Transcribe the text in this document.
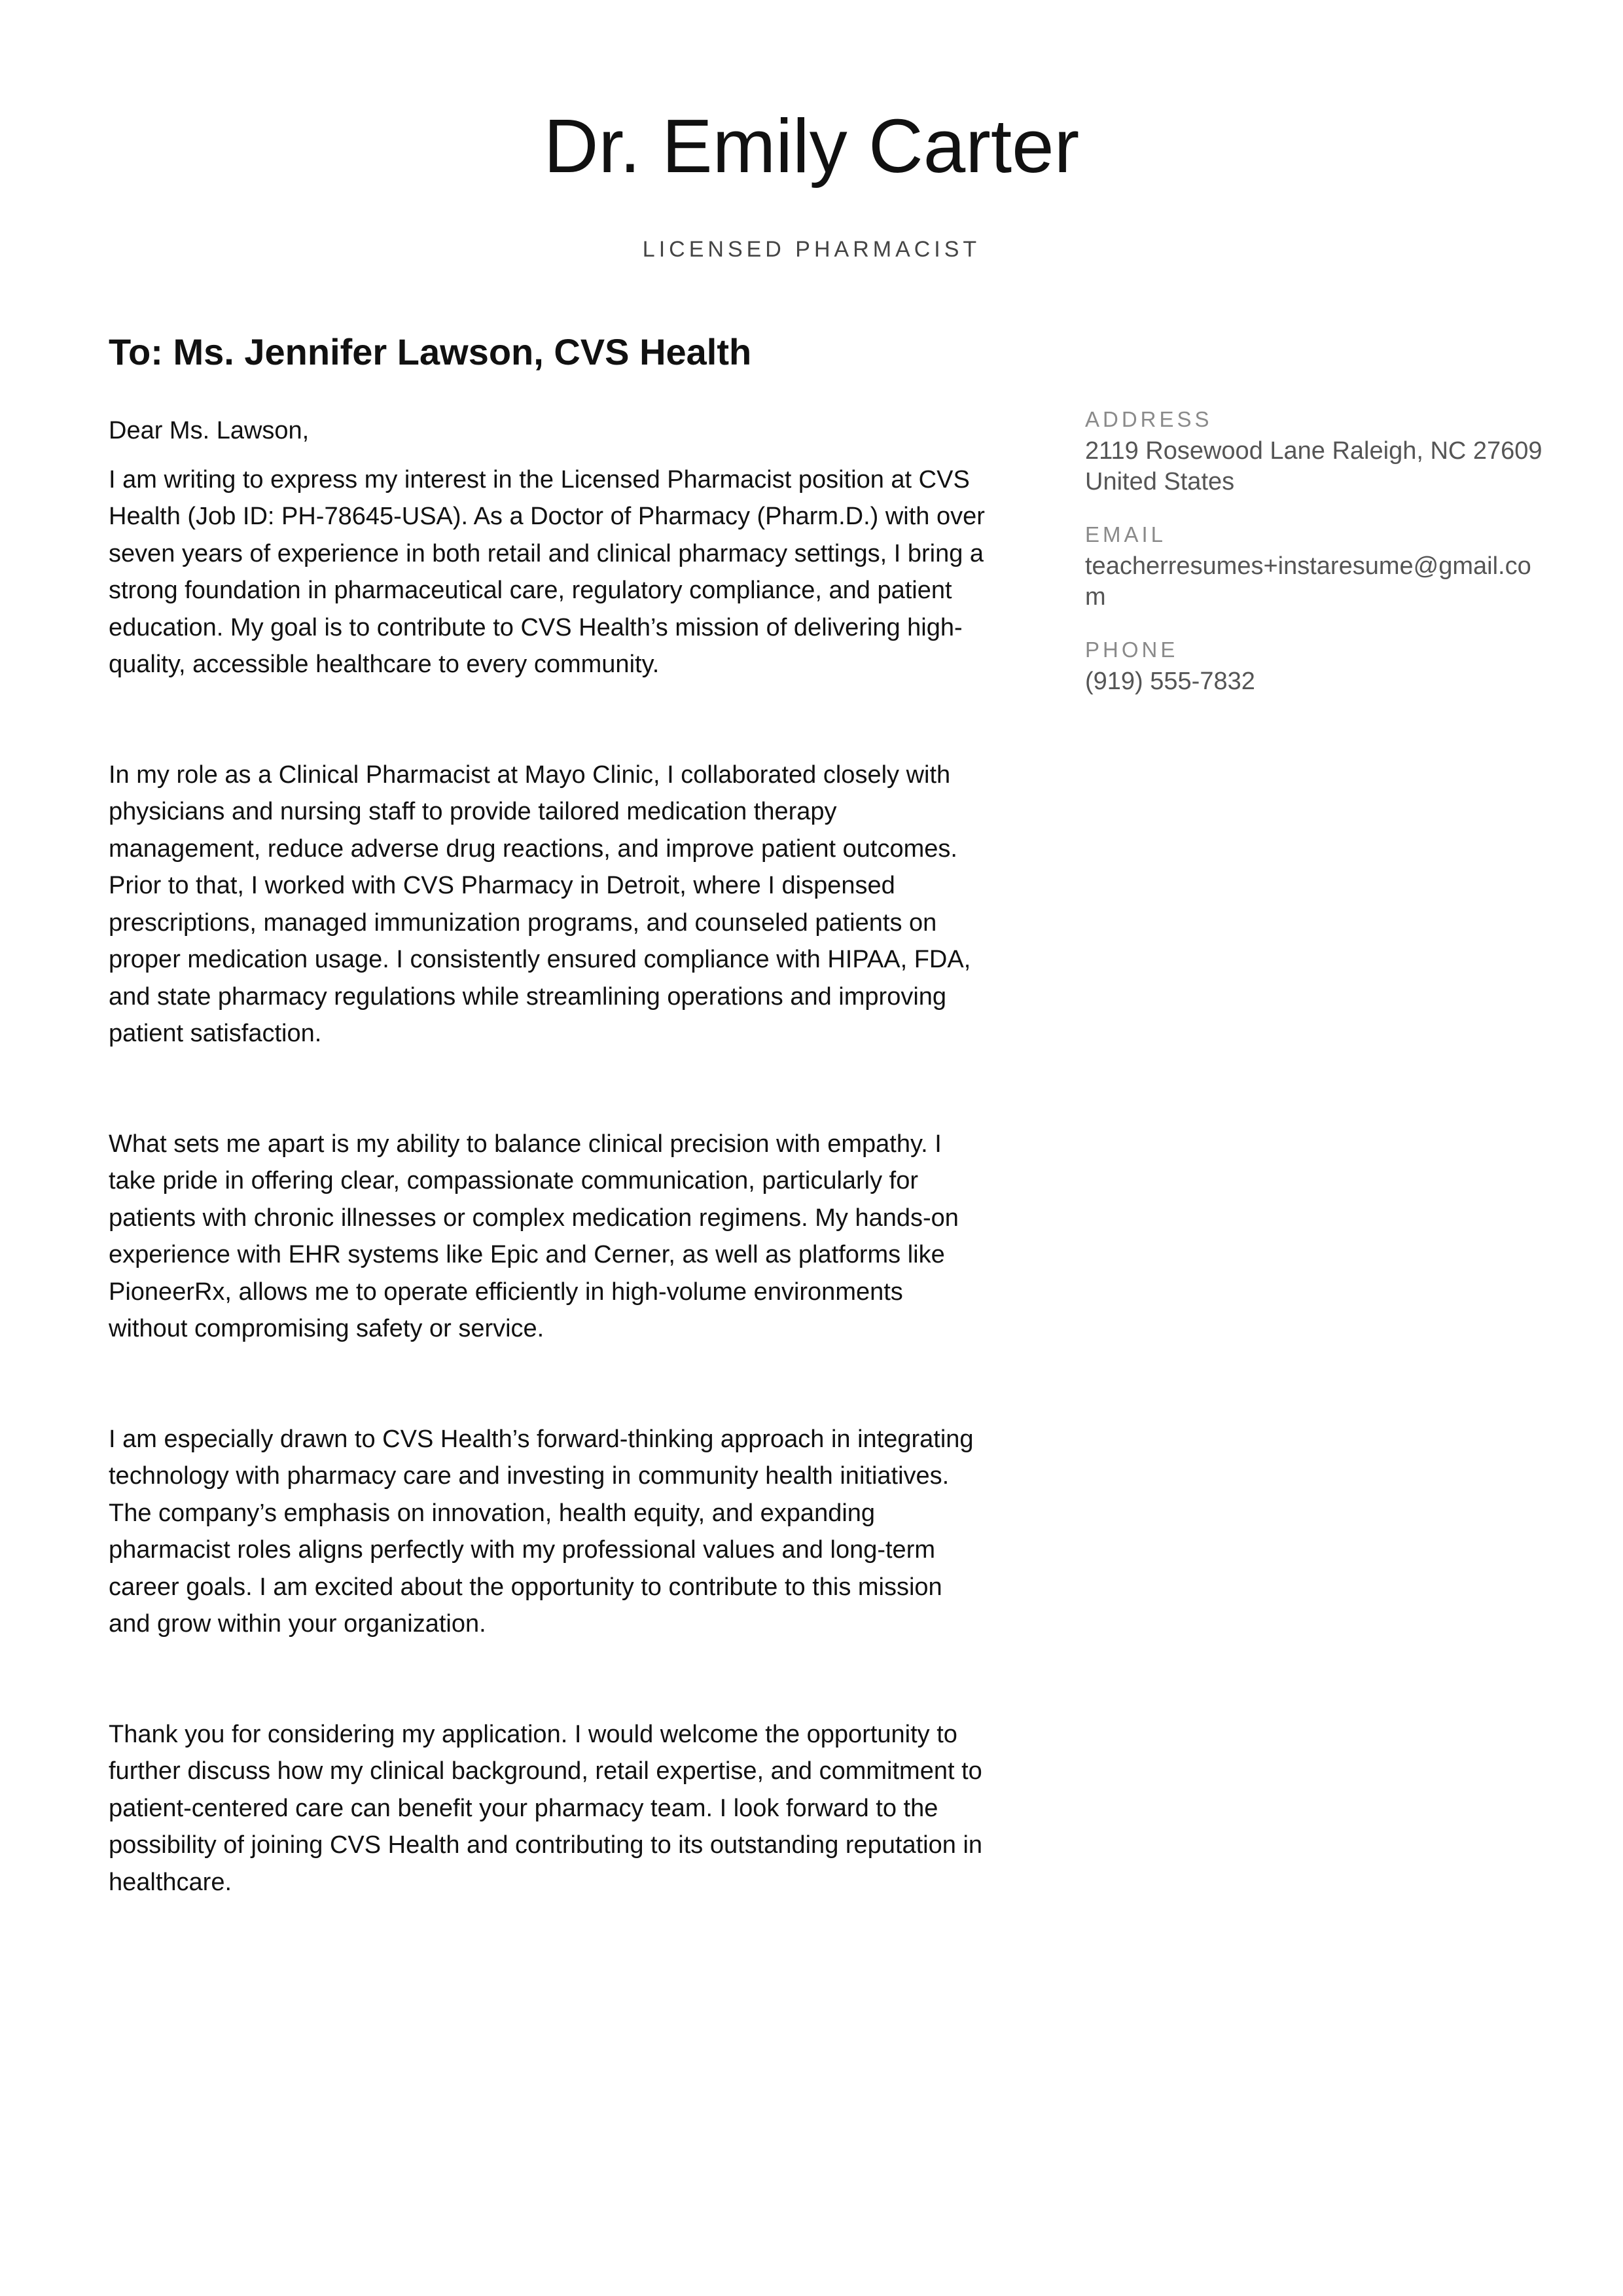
Dr. Emily Carter
LICENSED PHARMACIST
To: Ms. Jennifer Lawson, CVS Health

Dear Ms. Lawson,

I am writing to express my interest in the Licensed Pharmacist position at CVS Health (Job ID: PH-78645-USA). As a Doctor of Pharmacy (Pharm.D.) with over seven years of experience in both retail and clinical pharmacy settings, I bring a strong foundation in pharmaceutical care, regulatory compliance, and patient education. My goal is to contribute to CVS Health’s mission of delivering high-quality, accessible healthcare to every community.

In my role as a Clinical Pharmacist at Mayo Clinic, I collaborated closely with physicians and nursing staff to provide tailored medication therapy management, reduce adverse drug reactions, and improve patient outcomes. Prior to that, I worked with CVS Pharmacy in Detroit, where I dispensed prescriptions, managed immunization programs, and counseled patients on proper medication usage. I consistently ensured compliance with HIPAA, FDA, and state pharmacy regulations while streamlining operations and improving patient satisfaction.

What sets me apart is my ability to balance clinical precision with empathy. I take pride in offering clear, compassionate communication, particularly for patients with chronic illnesses or complex medication regimens. My hands-on experience with EHR systems like Epic and Cerner, as well as platforms like PioneerRx, allows me to operate efficiently in high-volume environments without compromising safety or service.

I am especially drawn to CVS Health’s forward-thinking approach in integrating technology with pharmacy care and investing in community health initiatives. The company’s emphasis on innovation, health equity, and expanding pharmacist roles aligns perfectly with my professional values and long-term career goals. I am excited about the opportunity to contribute to this mission and grow within your organization.

Thank you for considering my application. I would welcome the opportunity to further discuss how my clinical background, retail expertise, and commitment to patient-centered care can benefit your pharmacy team. I look forward to the possibility of joining CVS Health and contributing to its outstanding reputation in healthcare.

ADDRESS

2119 Rosewood Lane Raleigh, NC 27609 United States

EMAIL

teacherresumes+instaresume@gmail.com

PHONE

(919) 555-7832
